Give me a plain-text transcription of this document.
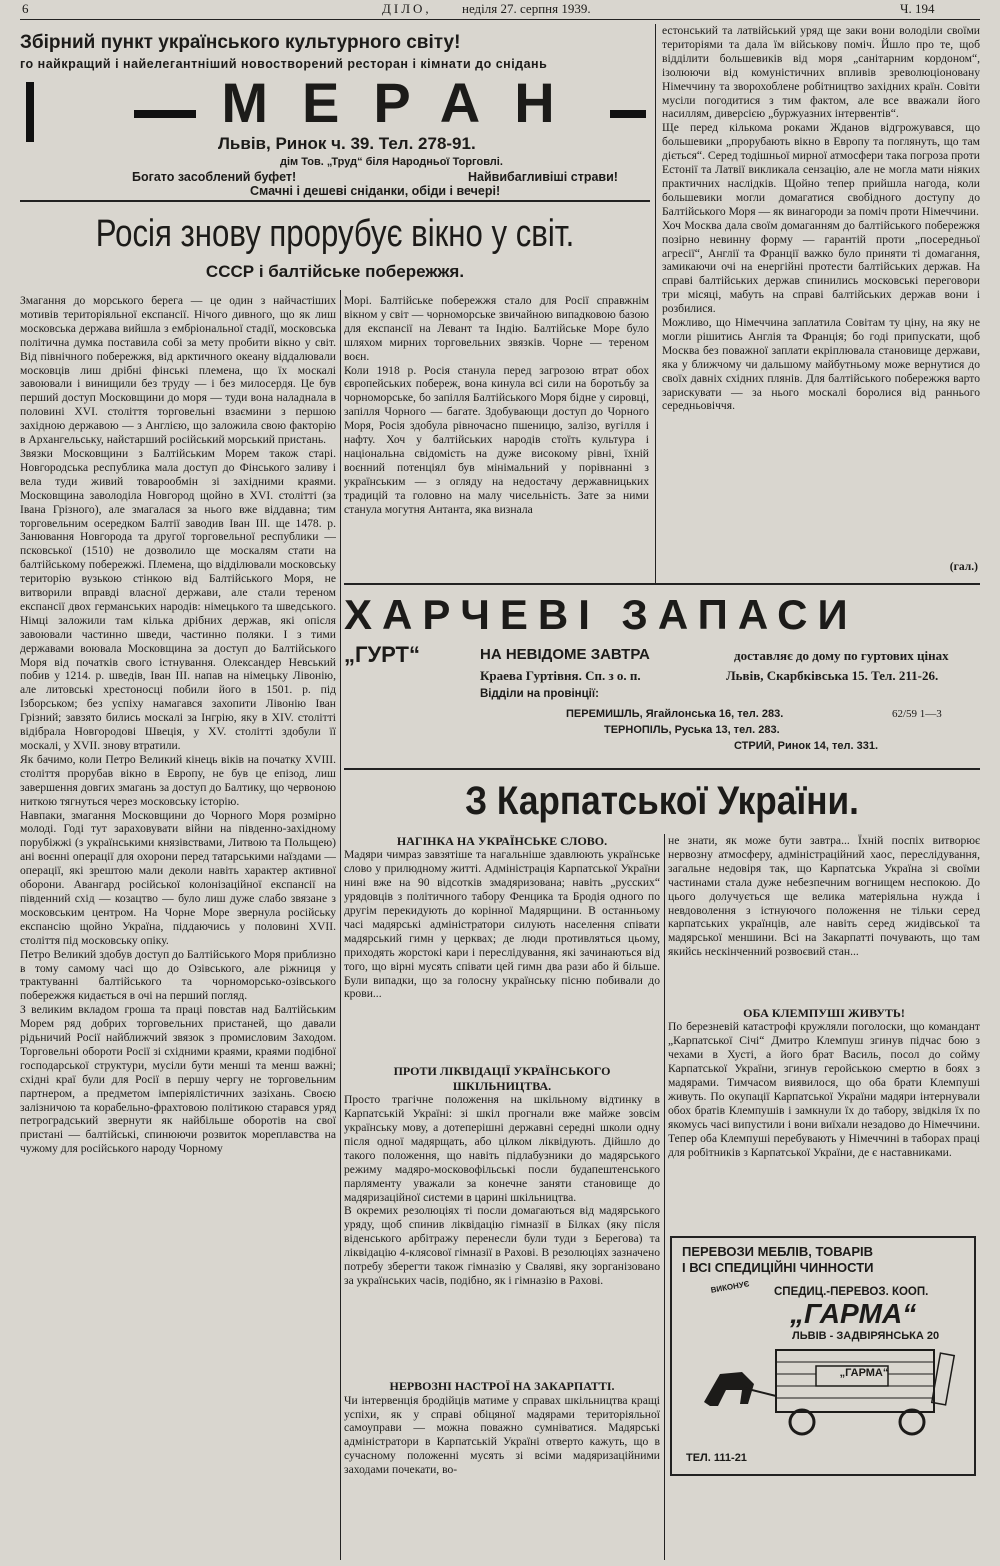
6	ДІЛО, неділя 27. серпня 1939.	Ч. 194
Збірний пункт українського культурного світу!
го найкращий і найелегантніший новостворений ресторан і кімнати до снідань
МЕРАН
Львів, Ринок ч. 39. Тел. 278-91.
дім Тов. „Труд“ біля Народньої Торговлі.
Богато засоблений буфет!	Найвибагливіші страви!
Смачні і дешеві сніданки, обіди і вечері!
Росія знову прорубує вікно у світ.
СССР і балтійське побережжя.
Змагання до морського берега — це один з найчастіших мотивів територіяльної експансії. Нічого дивного, що як лиш московська держава вийшла з ембріональної стадії, московська політична думка поставила собі за мету пробити вікно у світ. Від північного побережжя, від арктичного океану віддалювали московців лиш дрібні фінські племена, що їх москалі завоювали і винищили без труду — і без милосердя. Це був перший доступ Московщини до моря — туди вона наладнала в половині XVI. століття торговельні взаємини з першою західною державою — з Англією, що заложила свою факторію в Архангельську, найстарший російський морський пристань.
Звязки Московщини з Балтійським Морем також старі. Новгородська республика мала доступ до Фінського заливу і вела туди живий товарообмін зі західними краями. Московщина заволоділа Новгород щойно в XVI. столітті (за Івана Грізного), але змагалася за нього вже віддавна; тим торговельним осередком Балтії заводив Іван III. ще 1478. р. Занювання Новгорода та другої торговельної республики — псковської (1510) не дозволило ще москалям стати на балтійському побережжі. Племена, що відділювали московську територію вузькою стінкою від Балтійського Моря, не витворили вправді власної держави, але стали тереном експансії двох германських народів: німецького та шведського. Німці заложили там кілька дрібних держав, які опісля завоювали частинно шведи, частинно поляки. І з тими державами воювала Московщина за доступ до Балтійського Моря від початків свого істнування. Олександер Невський побив у 1214. р. шведів, Іван III. напав на німецьку Лівонію, але литовські хрестоносці побили його в 1501. р. під Ізборськом; без успіху намагався захопити Лівонію Іван Грізний; завзято бились москалі за Інгрію, яку в XIV. столітті відібрала Новгородові Швеція, у XV. столітті здобули її москалі, у XVII. знову втратили.
Як бачимо, коли Петро Великий кінець віків на початку XVIII. століття прорубав вікно в Европу, не був це епізод, лиш завершення довгих змагань за доступ до Балтику, що червоною ниткою тягнуться через московську історію.
Навпаки, змагання Московщини до Чорного Моря розмірно молоді. Годі тут зараховувати війни на південно-західному порубіжжі (з українськими князівствами, Литвою та Польщею) ані воєнні операції для охорони перед татарськими наїздами — операції, які зрештою мали деколи навіть характер активної оборони. Авангард російської колонізаційної експансії на південний схід — козацтво — було лиш дуже слабо звязане з московським центром. На Чорне Море звернула російську експансію щойно Україна, піддаючись у половині XVII. століття під московську опіку.
Петро Великий здобув доступ до Балтійського Моря приблизно в тому самому часі що до Озівського, але ріжниця у трактуванні балтійського та чорноморсько-озівського побережжя кидається в очі на перший погляд.
З великим вкладом гроша та праці повстав над Балтійським Морем ряд добрих торговельних пристаней, що давали рідьничий Росії найближчий звязок з промисловим Заходом. Торговельні обороти Росії зі східними краями, краями подібної господарської структури, мусіли бути менші та менш важні; східні краї були для Росії в першу чергу не торговельним партнером, а предметом імперіялістичних зазіхань. Своєю залізничою та корабельно-фрахтовою політикою старався уряд петроградський звернути як найбільше оборотів на свої пристані — балтійські, спинюючи розвиток мореплавства на чужому для російського народу Чорному
Морі. Балтійське побережжя стало для Росії справжнім вікном у світ — чорноморське звичайною випадковою базою для експансії на Левант та Індію. Балтійське Море було шляхом мирних торговельних звязків. Чорне — тереном воєн.
Коли 1918 р. Росія станула перед загрозою втрат обох європейських побереж, вона кинула всі сили на боротьбу за чорноморське, бо запілля Балтійського Моря бідне у сировці, запілля Чорного — багате. Здобувающи доступ до Чорного Моря, Росія здобула рівночасно пшеницю, залізо, вугілля і нафту. Хоч у балтійських народів стоїть культура і національна свідомість на дуже високому рівні, їхній воєнний потенціял був мінімальний у порівнанні з українським — з огляду на недостачу державницьких традицій та головно на малу чисельність. Зате за ними станула могутня Антанта, яка визнала
естонський та латвійський уряд ще заки вони володіли своїми територіями та дала їм військову поміч. Йшло про те, щоб відділити большевиків від моря „санітарним кордоном“, ізолюючи від комуністичних впливів зреволюціоновану Німеччину та зворохоблене робітництво західних країн. Совіти мусіли погодитися з тим фактом, але все вважали його насиллям, диверсією „буржуазних інтервентів“.
Ще перед кількома роками Жданов відгрожувався, що большевики „прорубають вікно в Европу та поглянуть, що там діється“. Серед тодішньої мирної атмосфери така погроза проти Естонії та Латвії викликала сензацію, але не могла мати ніяких практичних наслідків. Щойно тепер прийшла нагода, коли большевики могли домагатися свобідного доступу до Балтійського Моря — як винагороди за поміч проти Німеччини.
Хоч Москва дала своїм домаганням до балтійського побережжя позірно невинну форму — гарантій проти „посередньої агресії“, Англії та Франції важко було приняти ті домагання, замикаючи очі на енергійні протести балтійських держав. На справі балтійських держав спинились московські переговори три місяці, мабуть на справі балтійських держав вони і розбилися.
Можливо, що Німеччина заплатила Совітам ту ціну, на яку не могли рішитись Англія та Франція; бо годі припускати, щоб Москва без поважної заплати екріплювала становище держави, яка у ближчому чи дальшому майбутньому може вернутися до своїх давніх східних плянів. Для балтійського побережжя варто зарискувати — за нього москалі боролися від раннього середньовіччя.
(гал.)
ХАРЧЕВІ ЗАПАСИ
„ГУРТ“	НА НЕВІДОМЕ ЗАВТРА	доставляє до дому по гуртових цінах
Краева Гуртівня. Сп. з о. п.	Львів, Скарбківська 15. Тел. 211-26.
Відділи на провінції:
ПЕРЕМИШЛЬ, Ягайлонська 16, тел. 283.	62/59 1—3
ТЕРНОПІЛЬ, Руська 13, тел. 283.
СТРИЙ, Ринок 14, тел. 331.
З Карпатської України.
НАГІНКА НА УКРАЇНСЬКЕ СЛОВО.
Мадяри чимраз завзятіше та нагальніше здавлюють українське слово у прилюдному житті. Адміністрація Карпатської України нині вже на 90 відсотків змадяризована; навіть „русских“ урядовців з політичного табору Фенцика та Бродія одного по другім перекидують до корінної Мадярщини. В останньому часі мадярські адміністратори силують населення співати мадярський гимн у церквах; де люди противляться цьому, приходять жорстокі кари і переслідування, які зачинаються від того, що вірні мусять співати цей гимн два рази або й більше. Були випадки, що за голосну українську пісню побивали до крови...
ПРОТИ ЛІКВІДАЦІЇ УКРАЇНСЬКОГО ШКІЛЬНИЦТВА.
Просто трагічне положення на шкільному відтинку в Карпатській Україні: зі шкіл прогнали вже майже зовсім українську мову, а дотеперішні державні середні школи одну після одної мадярщать, або цілком ліквідують. Дійшло до такого положення, що навіть підлабузники до мадярського режиму мадяро-московофільські посли будапештенського парляменту уважали за конечне заняти становище до мадяризаційної системи в царині шкільництва.
В окремих резолюціях ті посли домагаються від мадярського уряду, щоб спинив ліквідацію гімназії в Білках (яку після віденського арбітражу перенесли були туди з Берегова) та ліквідацію 4-клясової гімназії в Рахові. В резолюціях зазначено потребу зберегти також гімназію у Сваляві, яку зорганізовано за українських часів, подібно, як і гімназію в Рахові.
НЕРВОЗНІ НАСТРОЇ НА ЗАКАРПАТТІ.
Чи інтервенція бродійців матиме у справах шкільництва кращі успіхи, як у справі обіцяної мадярами територіяльної самоуправи — можна поважно сумніватися. Мадярські адміністратори в Карпатській Україні отверто кажуть, що в сучасному положенні мусять зі всіми мадяризаційними заходами почекати, во-
не знати, як може бути завтра... Їхній поспіх витворює нервозну атмосферу, адміністраційний хаос, переслідування, загальне недовіря так, що Карпатська Україна зі своїми частинами стала дуже небезпечним вогнищем неспокою. До цього долучується ще велика матеріяльна нужда і невдоволення з істнуючого положення не тільки серед карпатських українців, але навіть серед жидівської та мадярської меншини. Всі на Закарпатті почувають, що там якийсь нескінченний розвоєвий стан...
ОБА КЛЕМПУШІ ЖИВУТЬ!
По березневій катастрофі кружляли поголоски, що командант „Карпатської Січі“ Дмитро Клемпуш згинув підчас бою з чехами в Хусті, а його брат Василь, посол до сойму Карпатської України, згинув геройською смертю в боях з мадярами. Тимчасом виявилося, що оба брати Клемпуші живуть. По окупації Карпатської України мадяри інтернували обох братів Клемпушів і замкнули їх до табору, звідкіля їх по якомусь часі випустили і вони виїхали незадово до Німеччини. Тепер оба Клемпуші перебувають у Німеччині в таборах праці для робітників з Карпатської України, де є наставниками.
ПЕРЕВОЗИ МЕБЛІВ, ТОВАРІВ
І ВСІ СПЕДИЦІЙНІ ЧИННОСТИ
ВИКОНУЄ	СПЕДИЦ.-ПЕРЕВОЗ. КООП.
„ГАРМА“
ЛЬВІВ - ЗАДВІРЯНСЬКА 20
„ГАРМА“
ТЕЛ. 111-21
